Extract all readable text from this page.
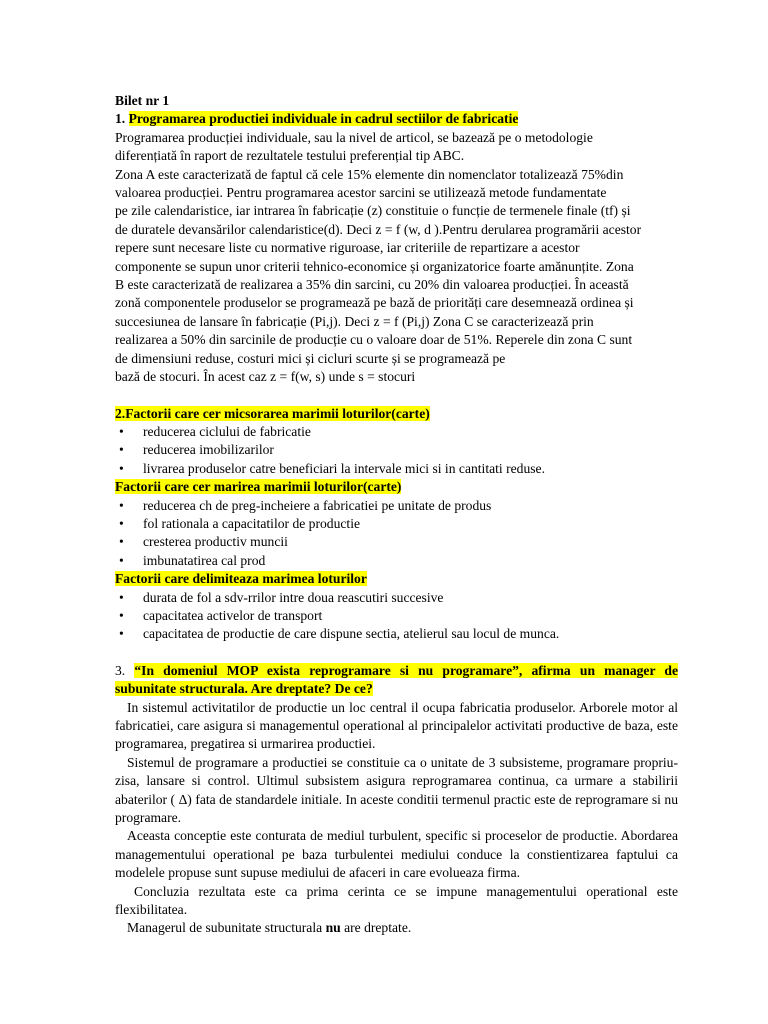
Bilet nr 1

1. Programarea productiei individuale in cadrul sectiilor de fabricatie

Programarea producției individuale, sau la nivel de articol, se bazează pe o metodologie

diferențiată în raport de rezultatele testului preferențial tip ABC.

Zona A este caracterizată de faptul că cele 15% elemente din nomenclator totalizează 75%din

valoarea producției. Pentru programarea acestor sarcini se utilizează metode fundamentate

pe zile calendaristice, iar intrarea în fabricație (z) constituie o funcție de termenele finale (tf) și

de duratele devansărilor calendaristice(d). Deci z = f (w, d ).Pentru derularea programării acestor

repere sunt necesare liste cu normative riguroase, iar criteriile de repartizare a acestor

componente se supun unor criterii tehnico-economice și organizatorice foarte amănunțite. Zona

B este caracterizată de realizarea a 35% din sarcini, cu 20% din valoarea producției. În această

zonă componentele produselor se programează pe bază de priorități care desemnează ordinea și

succesiunea de lansare în fabricație (Pi,j). Deci z = f (Pi,j) Zona C se caracterizează prin

realizarea a 50% din sarcinile de producție cu o valoare doar de 51%. Reperele din zona C sunt

de dimensiuni reduse, costuri mici și cicluri scurte și se programează pe

bază de stocuri. În acest caz z = f(w, s) unde s = stocuri

2.Factorii care cer micsorarea marimii loturilor(carte)

• reducerea ciclului de fabricatie
• reducerea imobilizarilor
• livrarea produselor catre beneficiari la intervale mici si in cantitati reduse.

Factorii care cer marirea marimii loturilor(carte)

• reducerea ch de preg-incheiere a fabricatiei pe unitate de produs
• fol rationala a capacitatilor de productie
• cresterea productiv muncii
• imbunatatirea cal prod

Factorii care delimiteaza marimea loturilor

• durata de fol a sdv-rrilor intre doua reascutiri succesive
• capacitatea activelor de transport
• capacitatea de productie de care dispune sectia, atelierul sau locul de munca.

3. “In domeniul MOP exista reprogramare si nu programare”, afirma un manager de

subunitate structurala. Are dreptate? De ce?

In sistemul activitatilor de productie un loc central il ocupa fabricatia produselor. Arborele motor al fabricatiei, care asigura si managementul operational al principalelor activitati productive de baza, este programarea, pregatirea si urmarirea productiei.

Sistemul de programare a productiei se constituie ca o unitate de 3 subsisteme, programare propriu-zisa, lansare si control. Ultimul subsistem asigura reprogramarea continua, ca urmare a stabilirii abaterilor ( Δ) fata de standardele initiale. In aceste conditii termenul practic este de reprogramare si nu programare.

Aceasta conceptie este conturata de mediul turbulent, specific si proceselor de productie. Abordarea managementului operational pe baza turbulentei mediului conduce la constientizarea faptului ca modelele propuse sunt supuse mediului de afaceri in care evolueaza firma.

Concluzia rezultata este ca prima cerinta ce se impune managementului operational este flexibilitatea.

Managerul de subunitate structurala nu are dreptate.
